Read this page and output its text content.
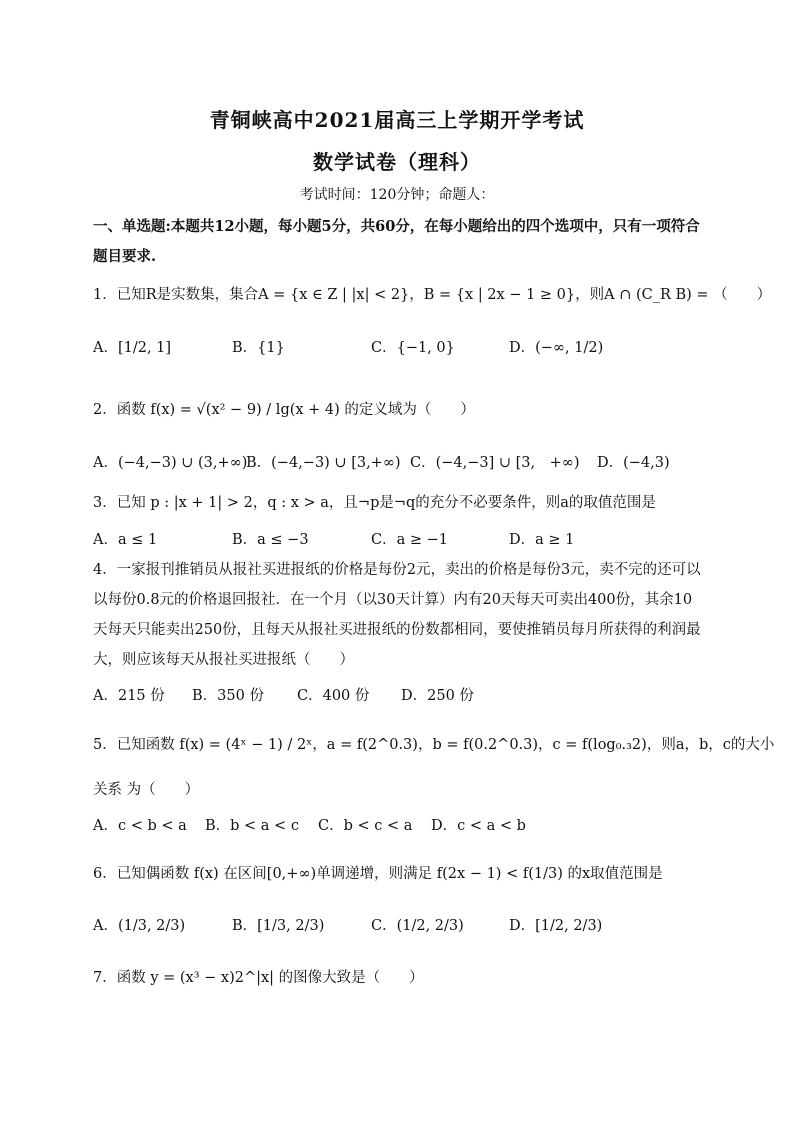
青铜峡高中2021届高三上学期开学考试
数学试卷（理科）
考试时间：120分钟；命题人：
一、单选题:本题共12小题，每小题5分，共60分，在每小题给出的四个选项中，只有一项符合题目要求.
1．已知R是实数集，集合A = {x ∈ Z | |x| < 2}，B = {x | 2x − 1 ≥ 0}，则A ∩ (C_R B) = （　　）
A．[1/2, 1]	B．{1}	C．{−1, 0}	D．(−∞, 1/2)
2．函数 f(x) = √(x² − 9) / lg(x + 4) 的定义域为（　　）
A．(−4,−3) ∪ (3,+∞)
B．(−4,−3) ∪ [3,+∞) C．(−4,−3] ∪ [3,　+∞) D．(−4,3)
3．已知 p : |x + 1| > 2，q : x > a，且¬p是¬q的充分不必要条件，则a的取值范围是
A．a ≤ 1	B．a ≤ −3	C．a ≥ −1	D．a ≥ 1
4．一家报刊推销员从报社买进报纸的价格是每份2元，卖出的价格是每份3元，卖不完的还可以以每份0.8元的价格退回报社．在一个月（以30天计算）内有20天每天可卖出400份，其余10天每天只能卖出250份，且每天从报社买进报纸的份数都相同，要使推销员每月所获得的利润最大，则应该每天从报社买进报纸（　　）
A．215 份 B．350 份 C．400 份 D．250 份
5．已知函数 f(x) = (4ˣ − 1) / 2ˣ，a = f(2^0.3)，b = f(0.2^0.3)，c = f(log₀.₃2)，则a，b，c的大小
关系 为（　　）
A．c < b < a B．b < a < c C．b < c < a D．c < a < b
6．已知偶函数 f(x) 在区间[0,+∞)单调递增，则满足 f(2x − 1) < f(1/3) 的x取值范围是
A．(1/3, 2/3)	B．[1/3, 2/3)	C．(1/2, 2/3)	D．[1/2, 2/3)
7．函数 y = (x³ − x)2^|x| 的图像大致是（　　）
